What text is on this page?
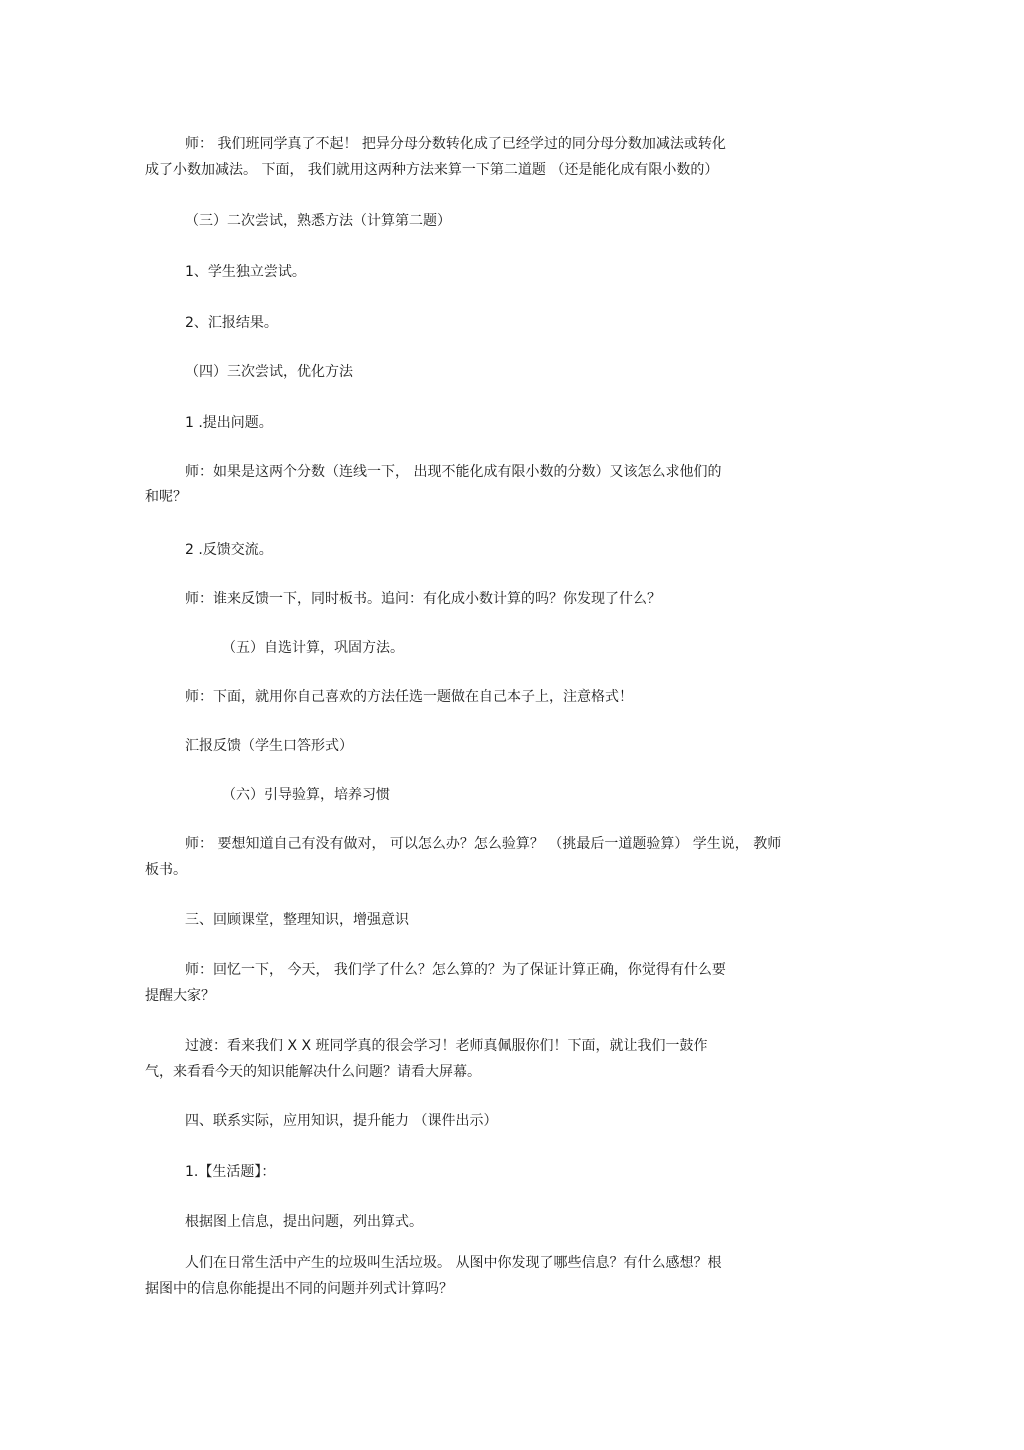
师： 我们班同学真了不起！ 把异分母分数转化成了已经学过的同分母分数加减法或转化
成了小数加减法。 下面， 我们就用这两种方法来算一下第二道题 （还是能化成有限小数的）
（三）二次尝试，熟悉方法（计算第二题）
1、学生独立尝试。
2、汇报结果。
（四）三次尝试，优化方法
1 .提出问题。
师：如果是这两个分数（连线一下， 出现不能化成有限小数的分数）又该怎么求他们的
和呢？
2 .反馈交流。
师：谁来反馈一下，同时板书。追问：有化成小数计算的吗？你发现了什么？
（五）自选计算，巩固方法。
师：下面，就用你自己喜欢的方法任选一题做在自己本子上，注意格式！
汇报反馈（学生口答形式）
（六）引导验算，培养习惯
师： 要想知道自己有没有做对， 可以怎么办？怎么验算？ （挑最后一道题验算） 学生说， 教师
板书。
三、回顾课堂，整理知识，增强意识
师：回忆一下， 今天， 我们学了什么？怎么算的？为了保证计算正确，你觉得有什么要
提醒大家？
过渡：看来我们 X X 班同学真的很会学习！老师真佩服你们！下面，就让我们一鼓作
气，来看看今天的知识能解决什么问题？请看大屏幕。
四、联系实际，应用知识，提升能力 （课件出示）
1.【生活题】：
根据图上信息，提出问题，列出算式。
人们在日常生活中产生的垃圾叫生活垃圾。 从图中你发现了哪些信息？有什么感想？根
据图中的信息你能提出不同的问题并列式计算吗？
